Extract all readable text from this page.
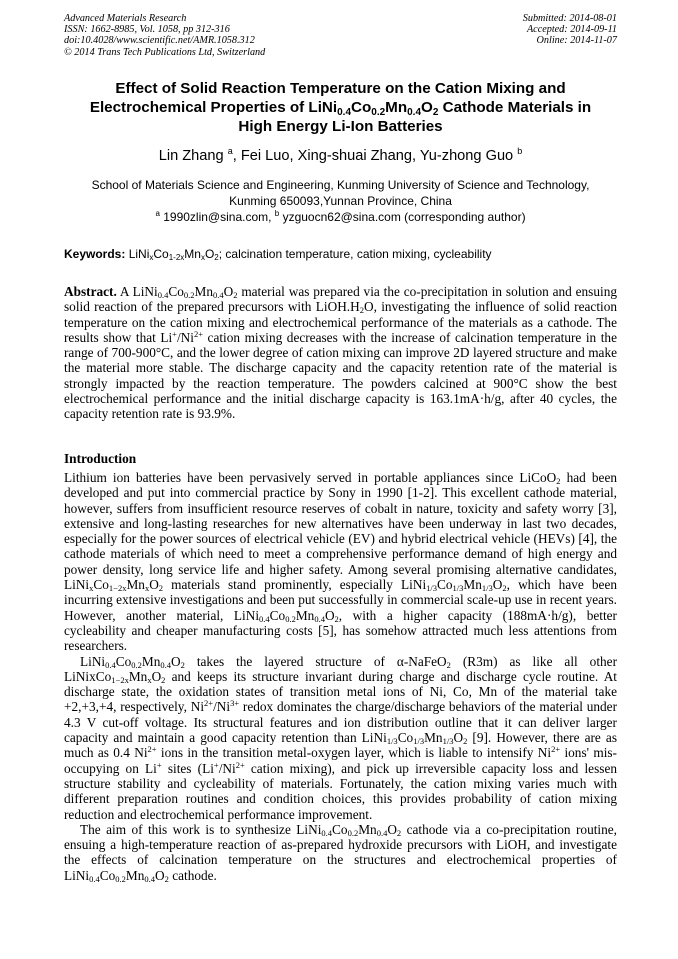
Advanced Materials Research
ISSN: 1662-8985, Vol. 1058, pp 312-316
doi:10.4028/www.scientific.net/AMR.1058.312
© 2014 Trans Tech Publications Ltd, Switzerland
Submitted: 2014-08-01
Accepted: 2014-09-11
Online: 2014-11-07
Effect of Solid Reaction Temperature on the Cation Mixing and
Electrochemical Properties of $LiNi_{0.4}Co_{0.2}Mn_{0.4}O_2$ Cathode Materials in
High Energy Li-Ion Batteries
Lin Zhang $^a$, Fei Luo, Xing-shuai Zhang, Yu-zhong Guo $^b$
School of Materials Science and Engineering, Kunming University of Science and Technology,
Kunming 650093,Yunnan Province, China
$^a$ 1990zlin@sina.com, $^b$ yzguocn62@sina.com (corresponding author)
Keywords: $LiNi_xCo_{1-2x}Mn_xO_2$; calcination temperature, cation mixing, cycleability
Abstract. A $LiNi_{0.4}Co_{0.2}Mn_{0.4}O_2$ material was prepared via the co-precipitation in solution and ensuing solid reaction of the prepared precursors with $LiOH.H_2O$, investigating the influence of solid reaction temperature on the cation mixing and electrochemical performance of the materials as a cathode. The results show that $Li^+/Ni^{2+}$ cation mixing decreases with the increase of calcination temperature in the range of 700-900°C, and the lower degree of cation mixing can improve 2D layered structure and make the material more stable. The discharge capacity and the capacity retention rate of the material is strongly impacted by the reaction temperature. The powders calcined at 900°C show the best electrochemical performance and the initial discharge capacity is 163.1mA·h/g, after 40 cycles, the capacity retention rate is 93.9%.
Introduction

Lithium ion batteries have been pervasively served in portable appliances since LiCoO$_2$ had been developed and put into commercial practice by Sony in 1990 [1-2]. This excellent cathode material, however, suffers from insufficient resource reserves of cobalt in nature, toxicity and safety worry [3], extensive and long-lasting researches for new alternatives have been underway in last two decades, especially for the power sources of electrical vehicle (EV) and hybrid electrical vehicle (HEVs) [4], the cathode materials of which need to meet a comprehensive performance demand of high energy and power density, long service life and higher safety. Among several promising alternative candidates, $LiNi_xCo_{1-2x}Mn_xO_2$ materials stand prominently, especially $LiNi_{1/3}Co_{1/3}Mn_{1/3}O_2$, which have been incurring extensive investigations and been put successfully in commercial scale-up use in recent years. However, another material, $LiNi_{0.4}Co_{0.2}Mn_{0.4}O_2$, with a higher capacity (188mA·h/g), better cycleability and cheaper manufacturing costs [5], has somehow attracted much less attentions from researchers.

$LiNi_{0.4}Co_{0.2}Mn_{0.4}O_2$ takes the layered structure of α-NaFeO$_2$ (R3m) as like all other $LiNixCo_{1-2x}Mn_xO_2$ and keeps its structure invariant during charge and discharge cycle routine. At discharge state, the oxidation states of transition metal ions of Ni, Co, Mn of the material take +2,+3,+4, respectively, $Ni^{2+}/Ni^{3+}$ redox dominates the charge/discharge behaviors of the material under 4.3 V cut-off voltage. Its structural features and ion distribution outline that it can deliver larger capacity and maintain a good capacity retention than $LiNi_{1/3}Co_{1/3}Mn_{1/3}O_2$ [9]. However, there are as much as 0.4 $Ni^{2+}$ ions in the transition metal-oxygen layer, which is liable to intensify $Ni^{2+}$ ions' mis-occupying on Li+ sites ($Li^+/Ni^{2+}$ cation mixing), and pick up irreversible capacity loss and lessen structure stability and cycleability of materials. Fortunately, the cation mixing varies much with different preparation routines and condition choices, this provides probability of cation mixing reduction and electrochemical performance improvement.

The aim of this work is to synthesize $LiNi_{0.4}Co_{0.2}Mn_{0.4}O_2$ cathode via a co-precipitation routine, ensuing a high-temperature reaction of as-prepared hydroxide precursors with LiOH, and investigate the effects of calcination temperature on the structures and electrochemical properties of $LiNi_{0.4}Co_{0.2}Mn_{0.4}O_2$ cathode.
